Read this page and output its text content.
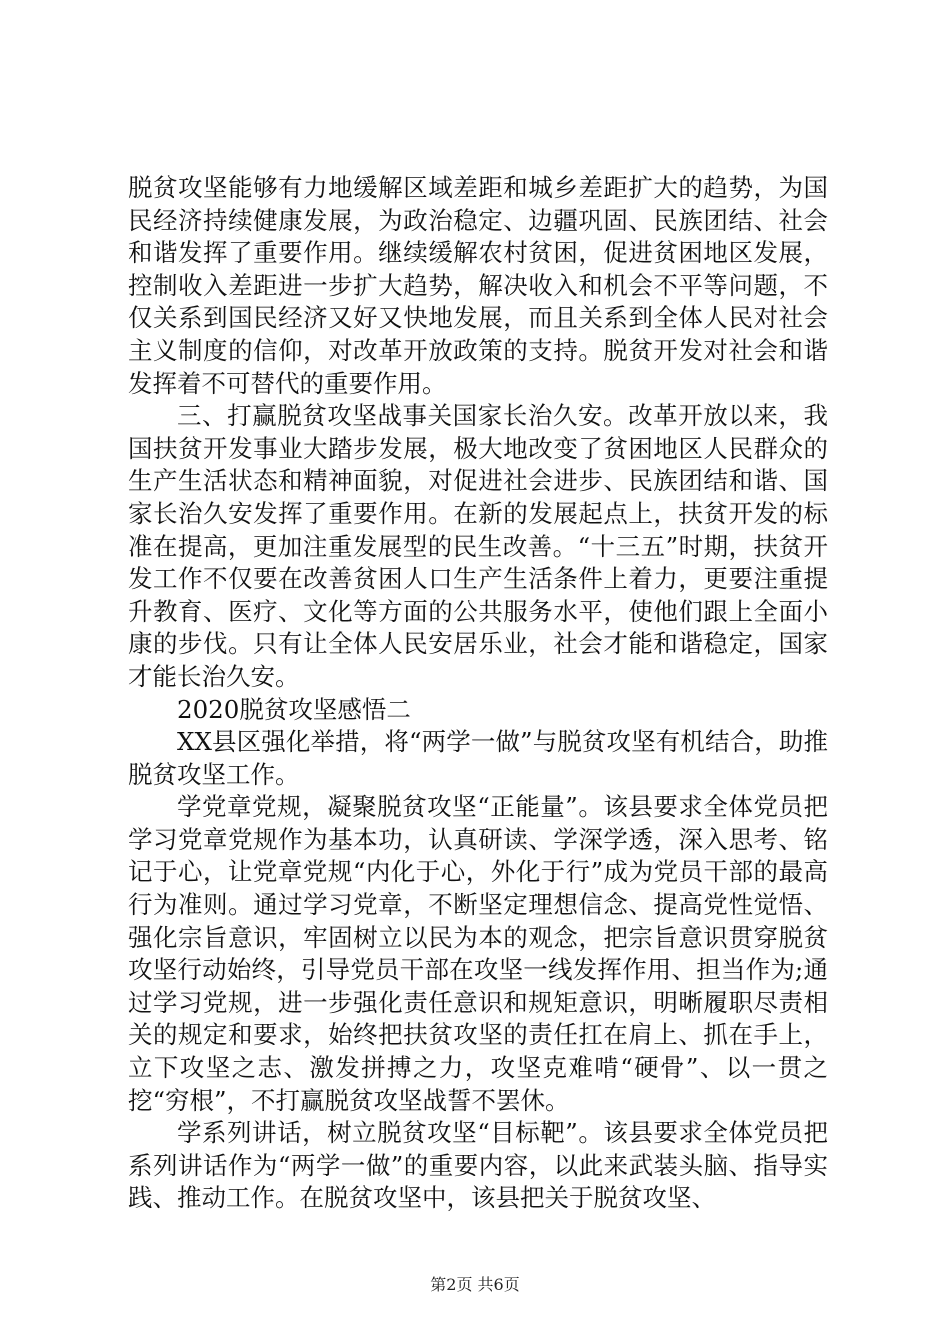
脱贫攻坚能够有力地缓解区域差距和城乡差距扩大的趋势，为国民经济持续健康发展，为政治稳定、边疆巩固、民族团结、社会和谐发挥了重要作用。继续缓解农村贫困，促进贫困地区发展，控制收入差距进一步扩大趋势，解决收入和机会不平等问题，不仅关系到国民经济又好又快地发展，而且关系到全体人民对社会主义制度的信仰，对改革开放政策的支持。脱贫开发对社会和谐发挥着不可替代的重要作用。

三、打赢脱贫攻坚战事关国家长治久安。改革开放以来，我国扶贫开发事业大踏步发展，极大地改变了贫困地区人民群众的生产生活状态和精神面貌，对促进社会进步、民族团结和谐、国家长治久安发挥了重要作用。在新的发展起点上，扶贫开发的标准在提高，更加注重发展型的民生改善。“十三五”时期，扶贫开发工作不仅要在改善贫困人口生产生活条件上着力，更要注重提升教育、医疗、文化等方面的公共服务水平，使他们跟上全面小康的步伐。只有让全体人民安居乐业，社会才能和谐稳定，国家才能长治久安。

2020脱贫攻坚感悟二

XX县区强化举措，将“两学一做”与脱贫攻坚有机结合，助推脱贫攻坚工作。

学党章党规，凝聚脱贫攻坚“正能量”。该县要求全体党员把学习党章党规作为基本功，认真研读、学深学透，深入思考、铭记于心，让党章党规“内化于心，外化于行”成为党员干部的最高行为准则。通过学习党章，不断坚定理想信念、提高党性觉悟、强化宗旨意识，牢固树立以民为本的观念，把宗旨意识贯穿脱贫攻坚行动始终，引导党员干部在攻坚一线发挥作用、担当作为;通过学习党规，进一步强化责任意识和规矩意识，明晰履职尽责相关的规定和要求，始终把扶贫攻坚的责任扛在肩上、抓在手上，立下攻坚之志、激发拼搏之力，攻坚克难啃“硬骨”、以一贯之挖“穷根”，不打赢脱贫攻坚战誓不罢休。

学系列讲话，树立脱贫攻坚“目标靶”。该县要求全体党员把系列讲话作为“两学一做”的重要内容，以此来武装头脑、指导实践、推动工作。在脱贫攻坚中，该县把关于脱贫攻坚、

第2页 共6页
